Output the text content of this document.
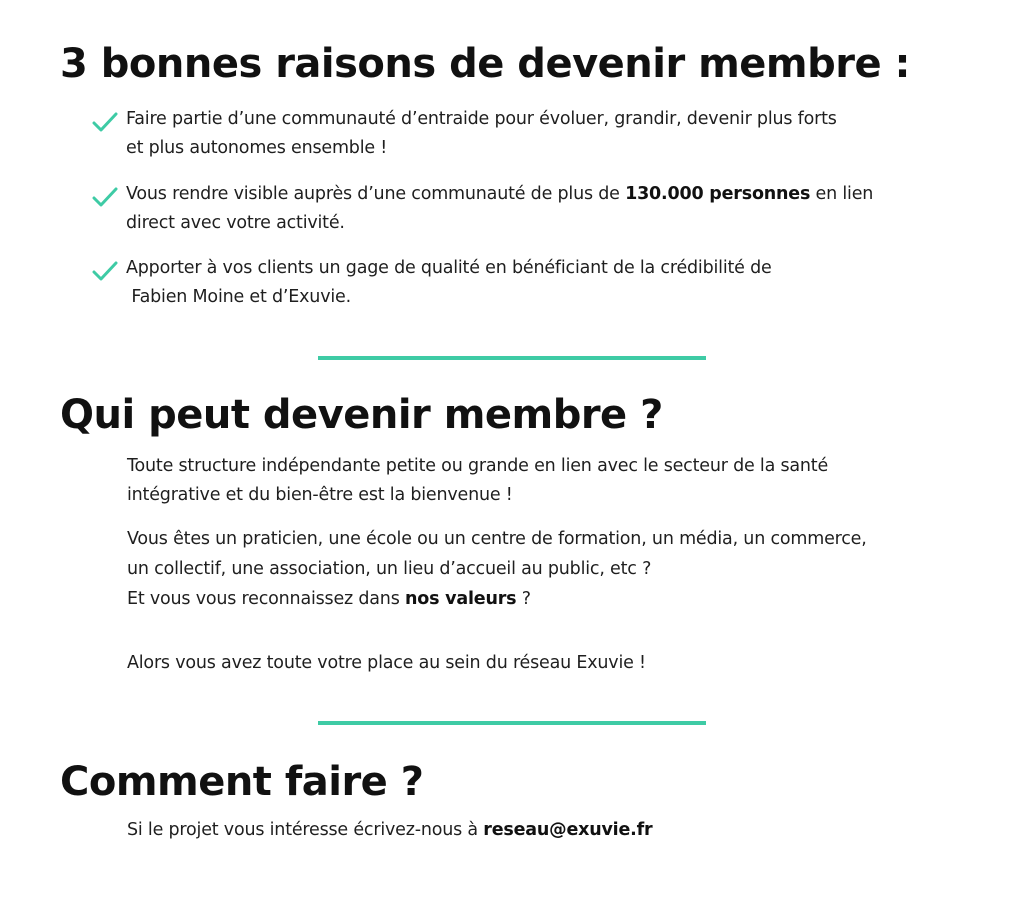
3 bonnes raisons de devenir membre :
Faire partie d’une communauté d’entraide pour évoluer, grandir, devenir plus forts
et plus autonomes ensemble !
Vous rendre visible auprès d’une communauté de plus de 130.000 personnes en lien
direct avec votre activité.
Apporter à vos clients un gage de qualité en bénéficiant de la crédibilité de
Fabien Moine et d’Exuvie.
Qui peut devenir membre ?
Toute structure indépendante petite ou grande en lien avec le secteur de la santé
intégrative et du bien-être est la bienvenue !
Vous êtes un praticien, une école ou un centre de formation, un média, un commerce,
un collectif, une association, un lieu d’accueil au public, etc ?
Et vous vous reconnaissez dans nos valeurs ?
Alors vous avez toute votre place au sein du réseau Exuvie !
Comment faire ?
Si le projet vous intéresse écrivez-nous à reseau@exuvie.fr
